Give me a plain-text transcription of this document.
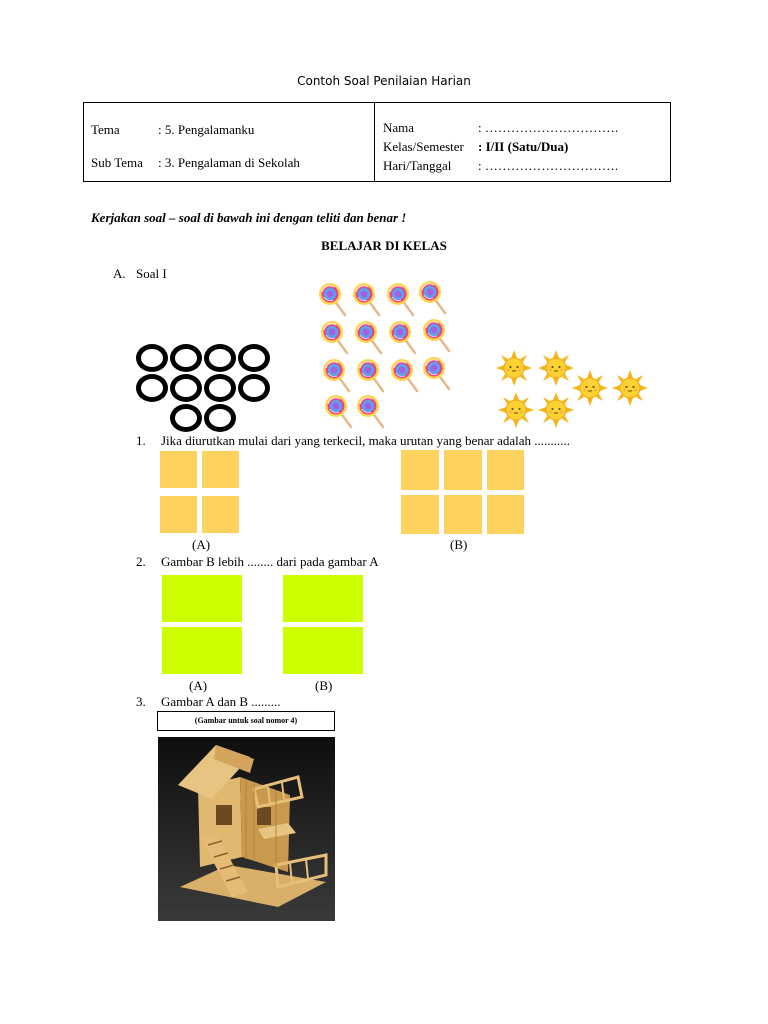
Contoh Soal Penilaian Harian
Tema	: 5. Pengalamanku
Sub Tema : 3. Pengalaman di Sekolah
Nama	: ………………………….
Kelas/Semester : I/II (Satu/Dua)
Hari/Tanggal : ………………………….
Kerjakan soal – soal di bawah ini dengan teliti dan benar !
BELAJAR DI KELAS
A. Soal I
1. Jika diurutkan mulai dari yang terkecil, maka urutan yang benar adalah ...........
(A)	(B)
2. Gambar B lebih ........ dari pada gambar A
(A)	(B)
3. Gambar A dan B .........
(Gambar untuk soal nomor 4)
